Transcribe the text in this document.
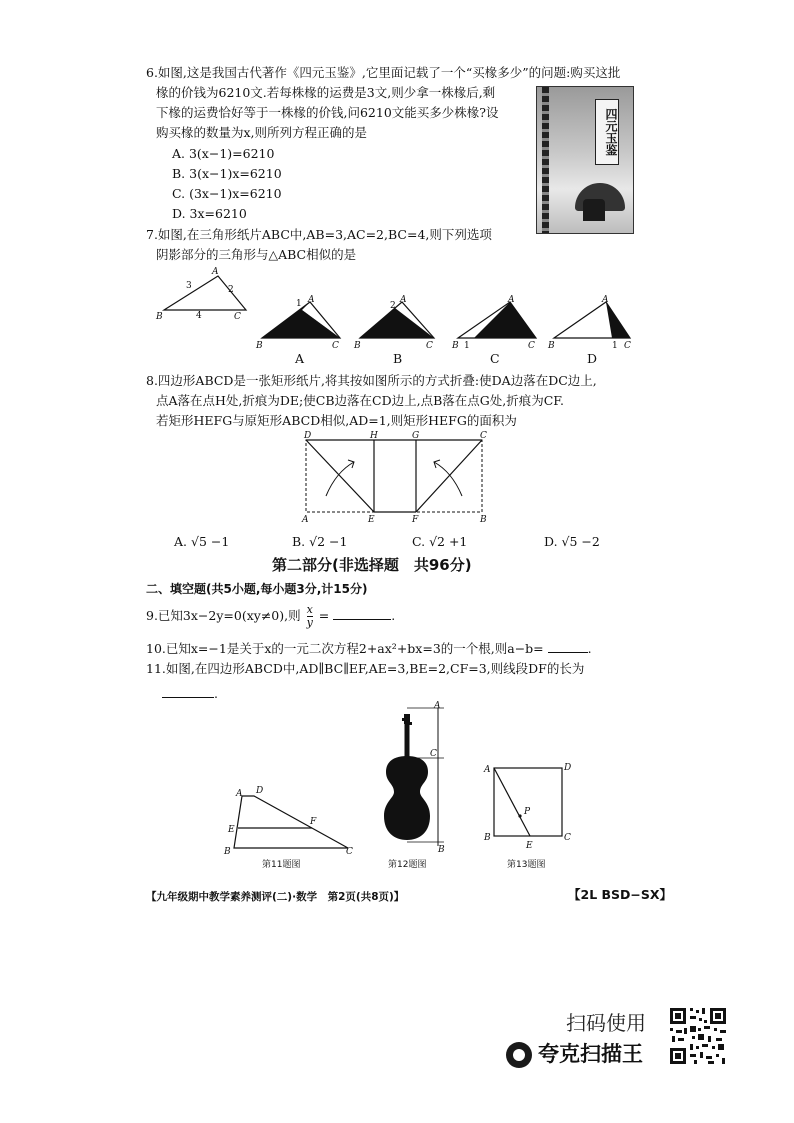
6.如图,这是我国古代著作《四元玉鉴》,它里面记载了一个“买椽多少”的问题:购买这批
椽的价钱为6210文.若每株椽的运费是3文,则少拿一株椽后,剩
下椽的运费恰好等于一株椽的价钱,问6210文能买多少株椽?设
购买椽的数量为x,则所列方程正确的是
A. 3(x−1)=6210
B. 3(x−1)x=6210
C. (3x−1)x=6210
D. 3x=6210
四元玉鉴
7.如图,在三角形纸片ABC中,AB=3,AC=2,BC=4,则下列选项
阴影部分的三角形与△ABC相似的是
A
B	C
3	2
4
A
B	C
1	A
B	C
2
A
B	C
1
A
B	C
1
A	B	C	D
8.四边形ABCD是一张矩形纸片,将其按如图所示的方式折叠:使DA边落在DC边上,
点A落在点H处,折痕为DE;使CB边落在CD边上,点B落在点G处,折痕为CF.
若矩形HEFG与原矩形ABCD相似,AD=1,则矩形HEFG的面积为
D	H	G	C
A	E	F	B
A. √5 −1	B. √2 −1	C. √2 +1	D. √5 −2
第二部分(非选择题　共96分)
二、填空题(共5小题,每小题3分,计15分)
9.已知3x−2y=0(xy≠0),则 $\frac{x}{y}$ =	.
10.已知x=−1是关于x的一元二次方程2+ax²+bx=3的一个根,则a−b=	.
11.如图,在四边形ABCD中,AD∥BC∥EF,AE=3,BE=2,CF=3,则线段DF的长为
.
A D
E
F
B	C
第11题图
A
C
B
第12题图
A	D
B	C
P
E
第13题图
【九年级期中教学素养测评(二)·数学　第2页(共8页)】	【2L BSD−SX】
扫码使用
夸克扫描王
